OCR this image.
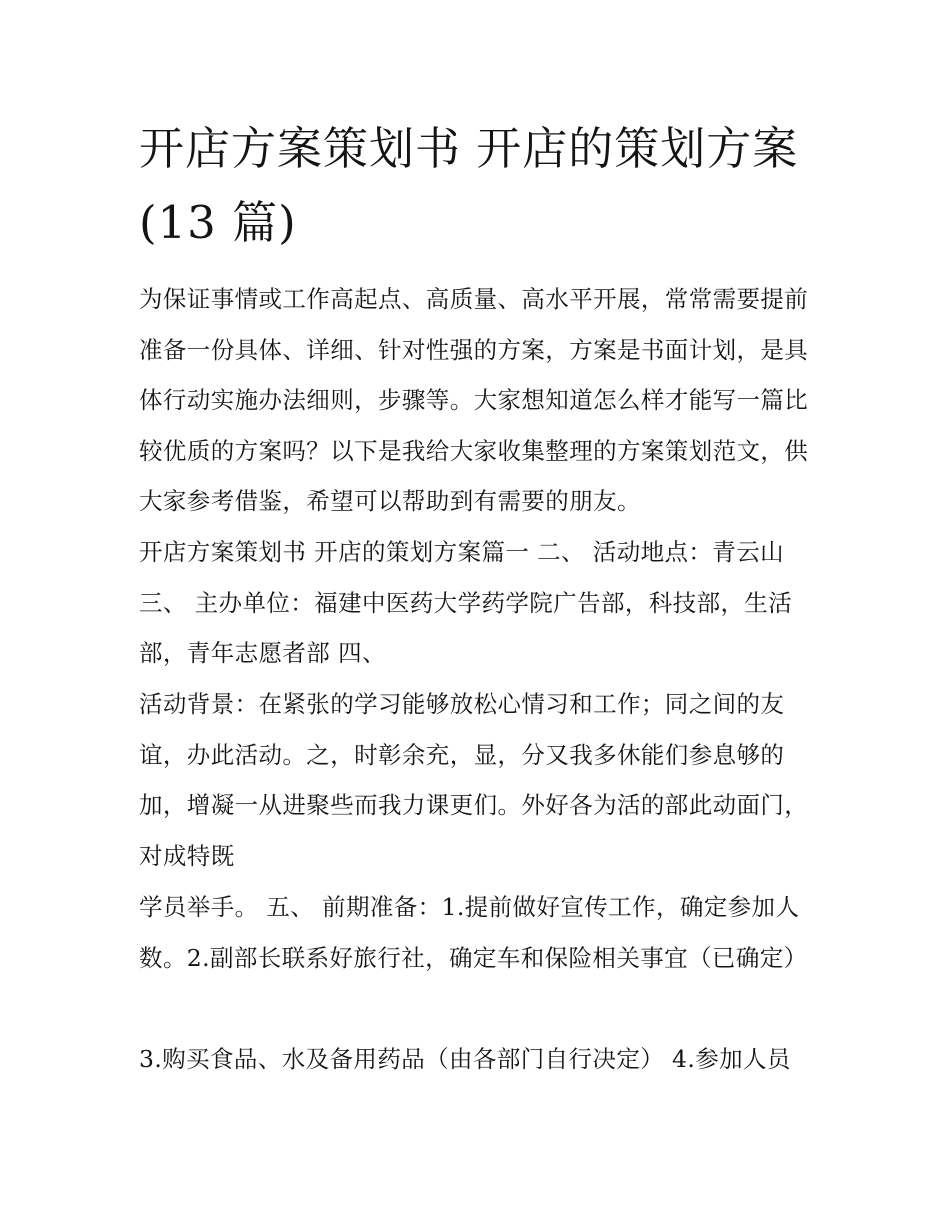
开店方案策划书 开店的策划方案(13 篇)

为保证事情或工作高起点、高质量、高水平开展，常常需要提前准备一份具体、详细、针对性强的方案，方案是书面计划，是具体行动实施办法细则，步骤等。大家想知道怎么样才能写一篇比较优质的方案吗？以下是我给大家收集整理的方案策划范文，供大家参考借鉴，希望可以帮助到有需要的朋友。

开店方案策划书 开店的策划方案篇一 二、 活动地点：青云山三、 主办单位：福建中医药大学药学院广告部，科技部，生活部，青年志愿者部 四、

活动背景：在紧张的学习能够放松心情习和工作；同之间的友谊，办此活动。之，时彰余充，显，分又我多休能们参息够的加，增凝一从进聚些而我力课更们。外好各为活的部此动面门，对成特既

学员举手。 五、 前期准备：1.提前做好宣传工作，确定参加人数。2.副部长联系好旅行社，确定车和保险相关事宜（已确定）

3.购买食品、水及备用药品（由各部门自行决定） 4.参加人员
